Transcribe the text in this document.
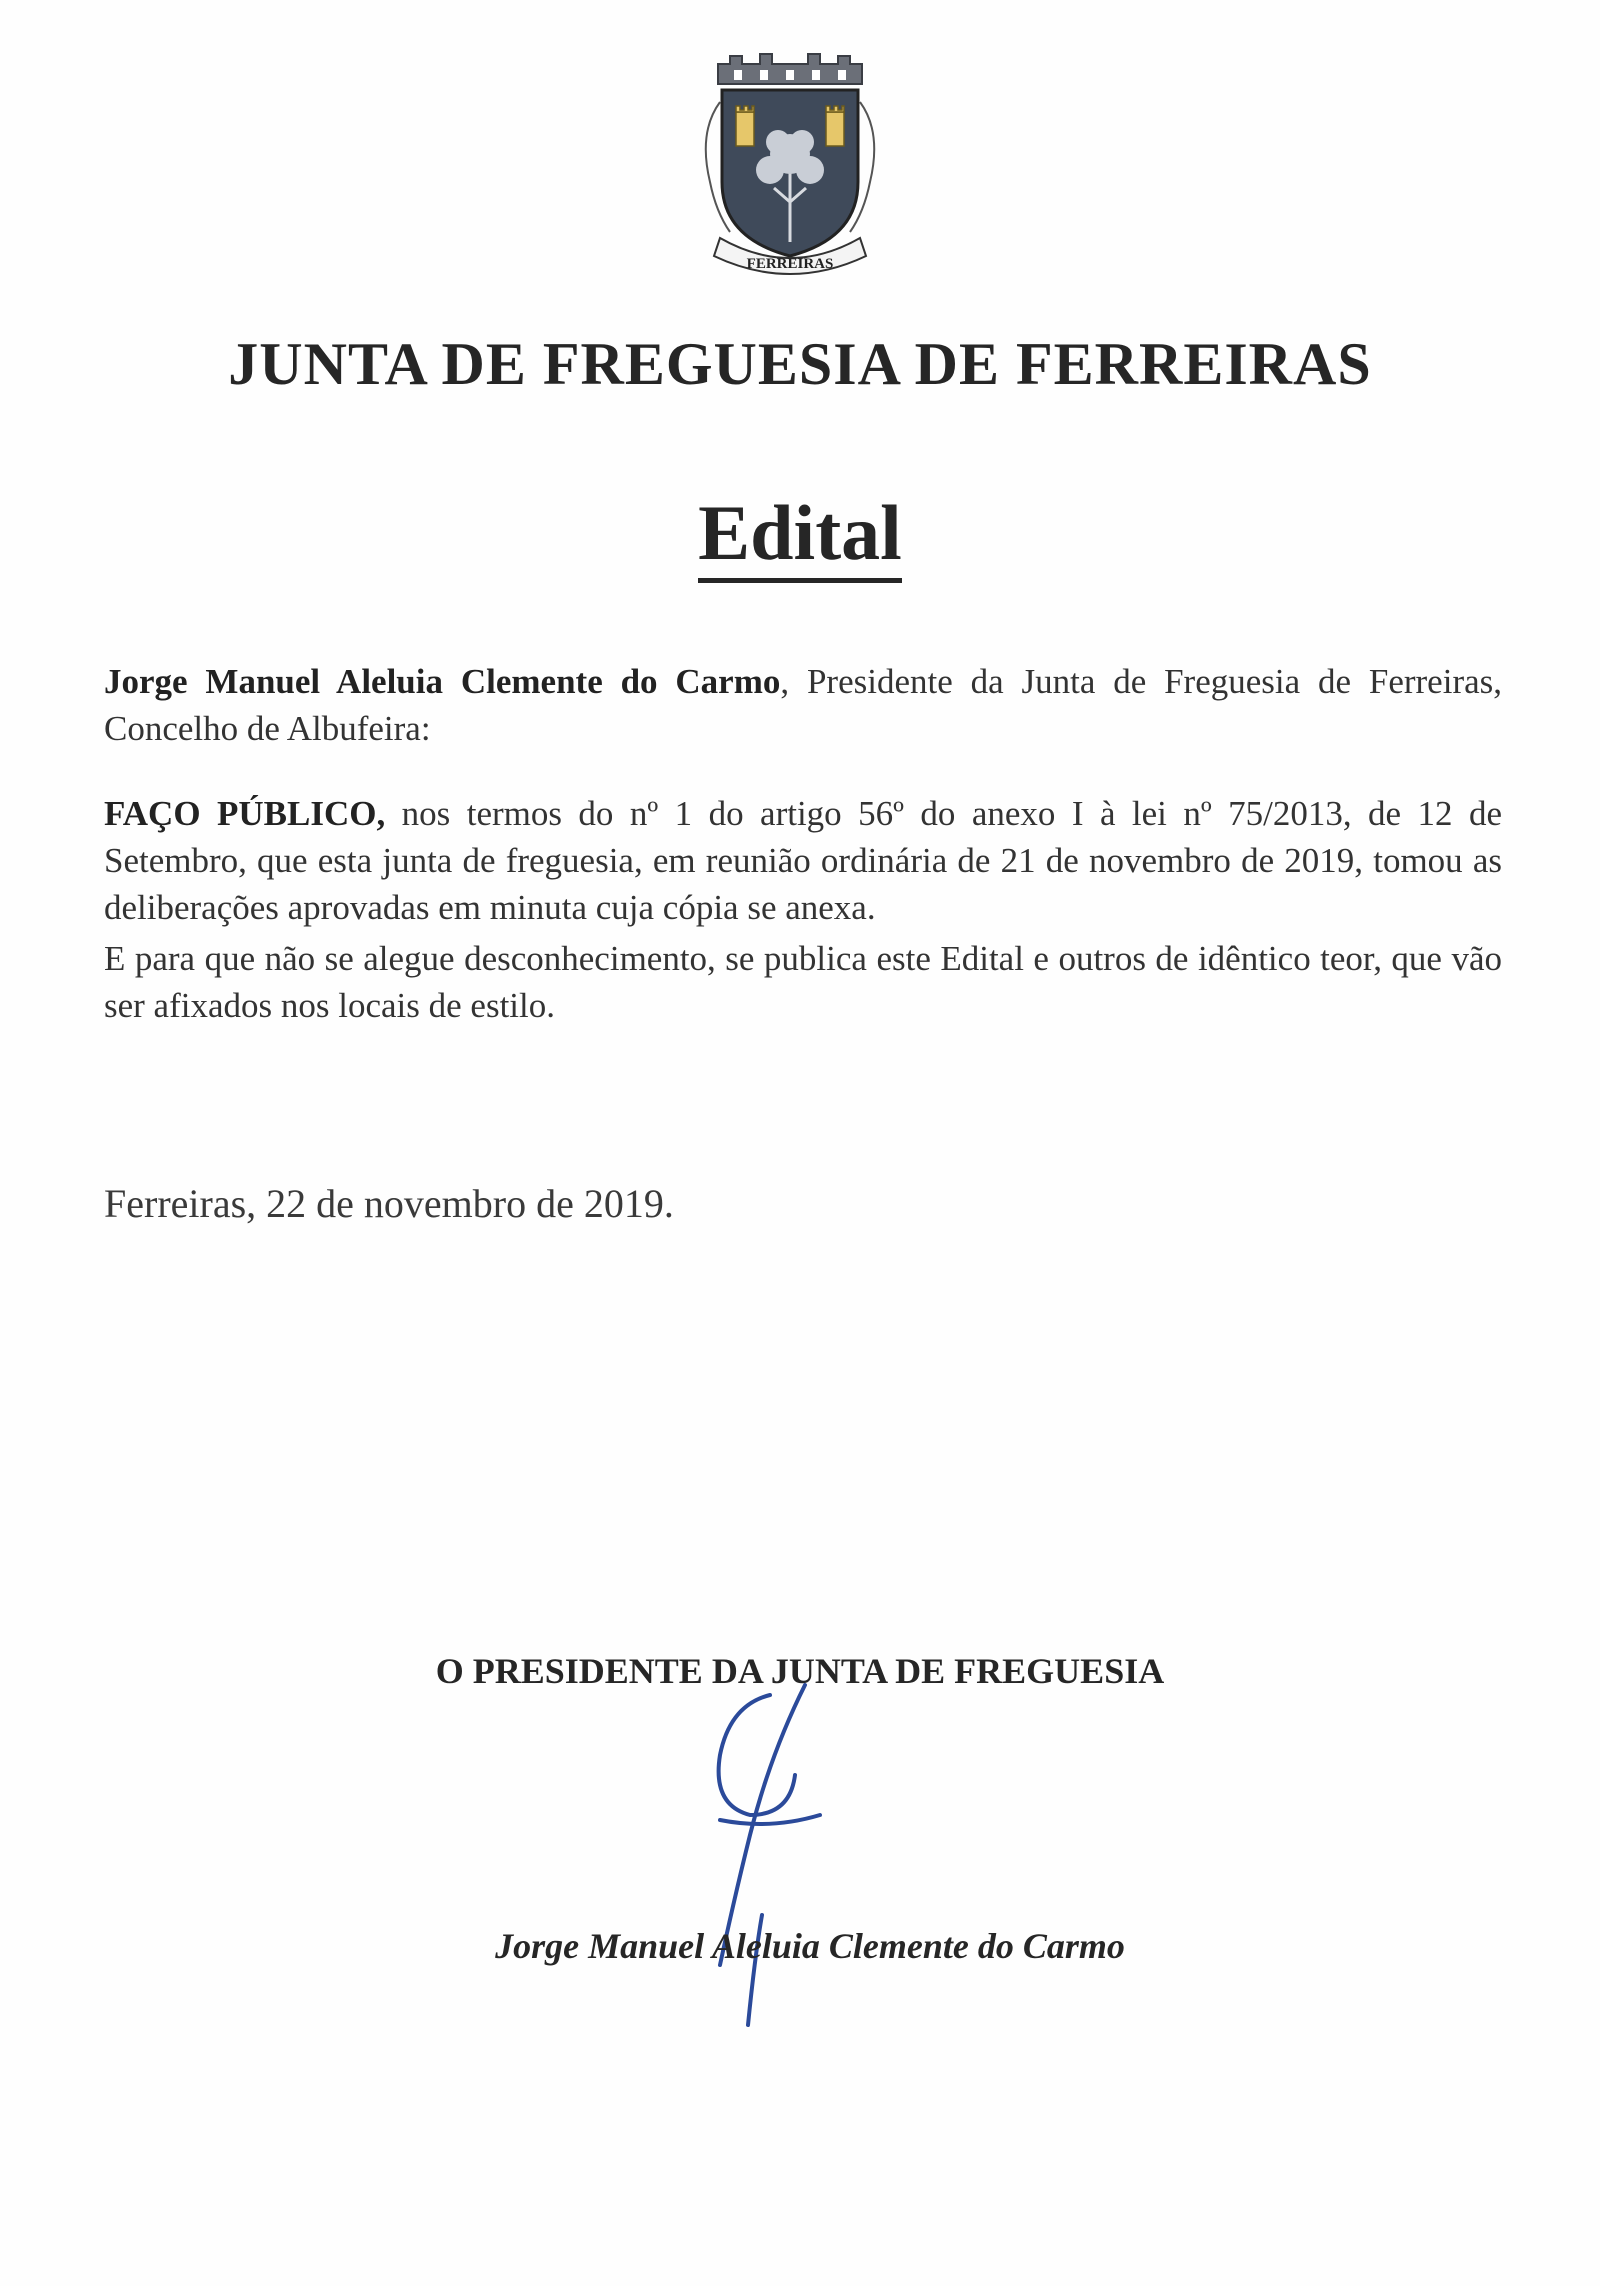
FERREIRAS
JUNTA DE FREGUESIA DE FERREIRAS
Edital
Jorge Manuel Aleluia Clemente do Carmo, Presidente da Junta de Freguesia de Ferreiras, Concelho de Albufeira:
FAÇO PÚBLICO, nos termos do nº 1 do artigo 56º do anexo I à lei nº 75/2013, de 12 de Setembro, que esta junta de freguesia, em reunião ordinária de 21 de novembro de 2019, tomou as deliberações aprovadas em minuta cuja cópia se anexa.
E para que não se alegue desconhecimento, se publica este Edital e outros de idêntico teor, que vão ser afixados nos locais de estilo.
Ferreiras, 22 de novembro de 2019.
O PRESIDENTE DA JUNTA DE FREGUESIA
Jorge Manuel Aleluia Clemente do Carmo
